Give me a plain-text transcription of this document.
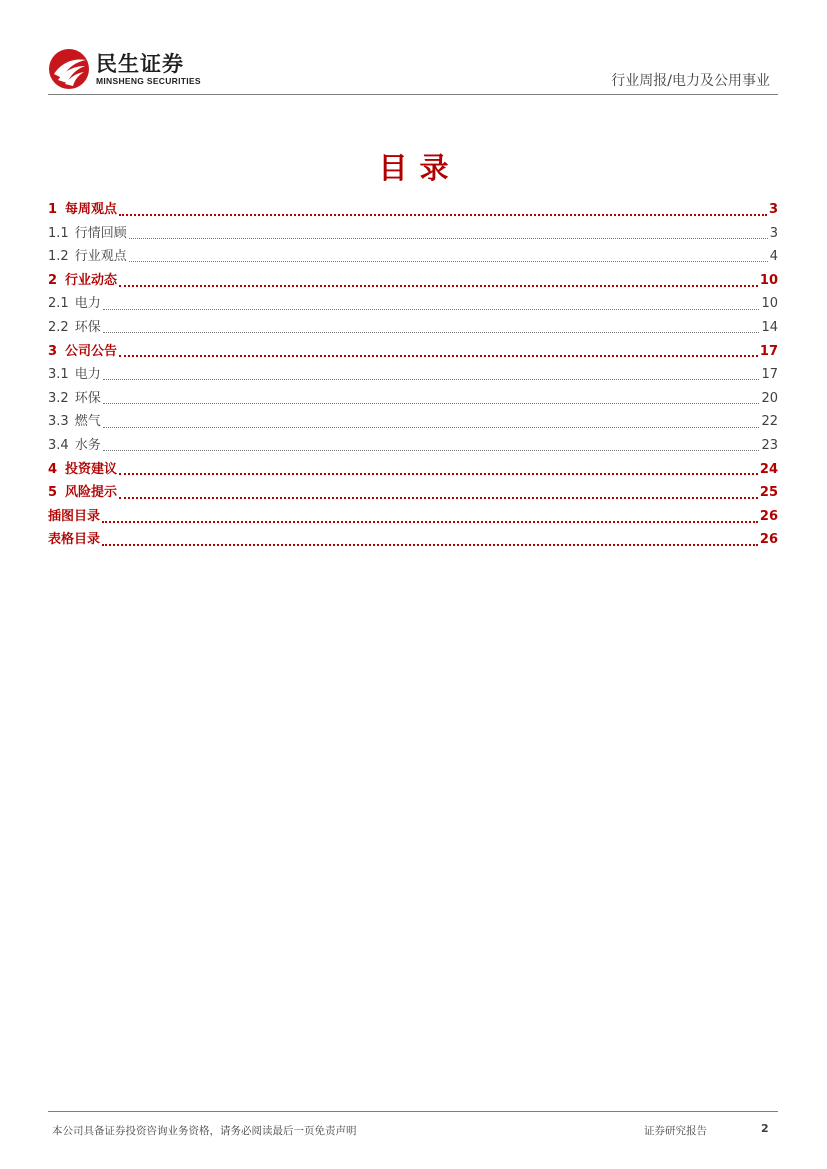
民生证券
MINSHENG SECURITIES	行业周报/电力及公用事业
目录
1 每周观点	3
1.1 行情回顾	3
1.2 行业观点	4
2 行业动态	10
2.1 电力	10
2.2 环保	14
3 公司公告	17
3.1 电力	17
3.2 环保	20
3.3 燃气	22
3.4 水务	23
4 投资建议	24
5 风险提示	25
插图目录	26
表格目录	26
本公司具备证券投资咨询业务资格，请务必阅读最后一页免责声明	证券研究报告	2
